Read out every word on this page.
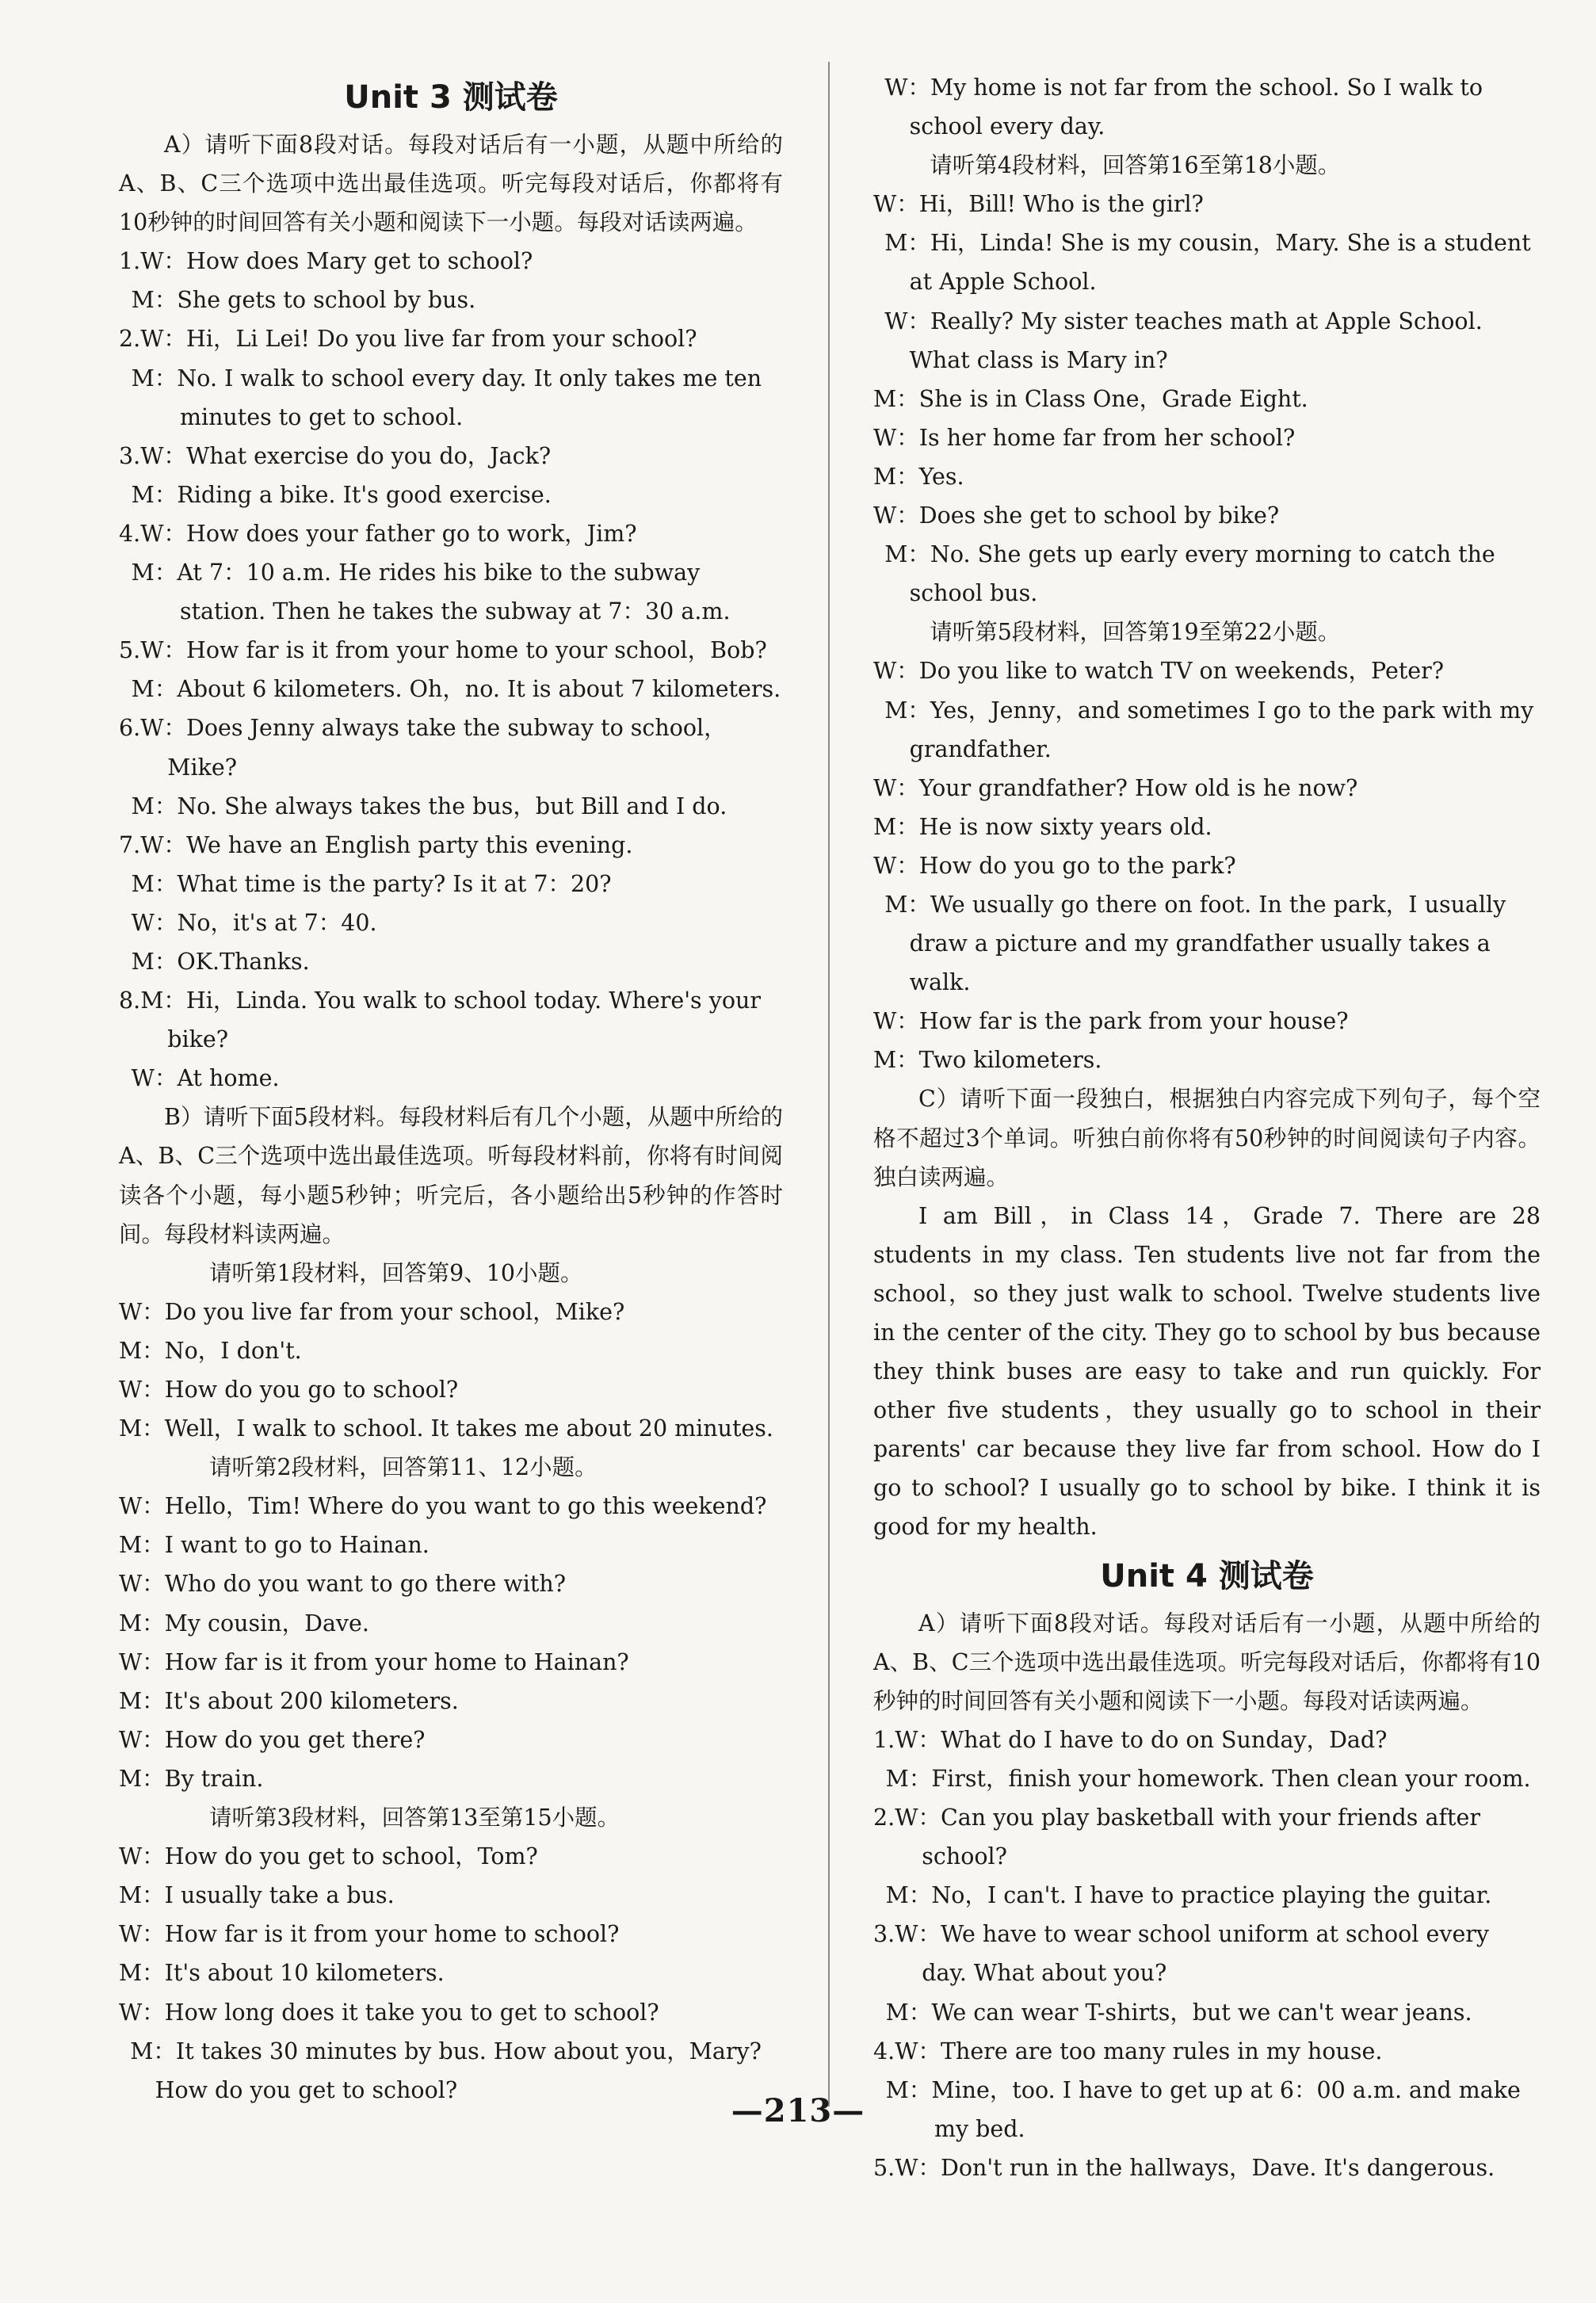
Unit 3 测试卷

A）请听下面8段对话。每段对话后有一小题，从题中所给的A、B、C三个选项中选出最佳选项。听完每段对话后，你都将有10秒钟的时间回答有关小题和阅读下一小题。每段对话读两遍。

1.W：How does Mary get to school?

M：She gets to school by bus.

2.W：Hi，Li Lei! Do you live far from your school?

M：No. I walk to school every day. It only takes me ten minutes to get to school.

3.W：What exercise do you do，Jack?

M：Riding a bike. It's good exercise.

4.W：How does your father go to work，Jim?

M：At 7：10 a.m. He rides his bike to the subway station. Then he takes the subway at 7：30 a.m.

5.W：How far is it from your home to your school，Bob?

M：About 6 kilometers. Oh，no. It is about 7 kilometers.

6.W：Does Jenny always take the subway to school，Mike?

M：No. She always takes the bus，but Bill and I do.

7.W：We have an English party this evening.

M：What time is the party? Is it at 7：20?

W：No，it's at 7：40.

M：OK.Thanks.

8.M：Hi，Linda. You walk to school today. Where's your bike?

W：At home.

B）请听下面5段材料。每段材料后有几个小题，从题中所给的A、B、C三个选项中选出最佳选项。听每段材料前，你将有时间阅读各个小题，每小题5秒钟；听完后，各小题给出5秒钟的作答时间。每段材料读两遍。

请听第1段材料，回答第9、10小题。

W：Do you live far from your school，Mike?

M：No，I don't.

W：How do you go to school?

M：Well，I walk to school. It takes me about 20 minutes.

请听第2段材料，回答第11、12小题。

W：Hello，Tim! Where do you want to go this weekend?

M：I want to go to Hainan.

W：Who do you want to go there with?

M：My cousin，Dave.

W：How far is it from your home to Hainan?

M：It's about 200 kilometers.

W：How do you get there?

M：By train.

请听第3段材料，回答第13至第15小题。

W：How do you get to school，Tom?

M：I usually take a bus.

W：How far is it from your home to school?

M：It's about 10 kilometers.

W：How long does it take you to get to school?

M：It takes 30 minutes by bus. How about you，Mary? How do you get to school?

W：My home is not far from the school. So I walk to school every day.

请听第4段材料，回答第16至第18小题。

W：Hi，Bill! Who is the girl?

M：Hi，Linda! She is my cousin，Mary. She is a student at Apple School.

W：Really? My sister teaches math at Apple School. What class is Mary in?

M：She is in Class One，Grade Eight.

W：Is her home far from her school?

M：Yes.

W：Does she get to school by bike?

M：No. She gets up early every morning to catch the school bus.

请听第5段材料，回答第19至第22小题。

W：Do you like to watch TV on weekends，Peter?

M：Yes，Jenny，and sometimes I go to the park with my grandfather.

W：Your grandfather? How old is he now?

M：He is now sixty years old.

W：How do you go to the park?

M：We usually go there on foot. In the park，I usually draw a picture and my grandfather usually takes a walk.

W：How far is the park from your house?

M：Two kilometers.

C）请听下面一段独白，根据独白内容完成下列句子，每个空格不超过3个单词。听独白前你将有50秒钟的时间阅读句子内容。独白读两遍。

I am Bill，in Class 14，Grade 7. There are 28 students in my class. Ten students live not far from the school，so they just walk to school. Twelve students live in the center of the city. They go to school by bus because they think buses are easy to take and run quickly. For other five students，they usually go to school in their parents' car because they live far from school. How do I go to school? I usually go to school by bike. I think it is good for my health.

Unit 4 测试卷

A）请听下面8段对话。每段对话后有一小题，从题中所给的A、B、C三个选项中选出最佳选项。听完每段对话后，你都将有10秒钟的时间回答有关小题和阅读下一小题。每段对话读两遍。

1.W：What do I have to do on Sunday，Dad?

M：First，finish your homework. Then clean your room.

2.W：Can you play basketball with your friends after school?

M：No，I can't. I have to practice playing the guitar.

3.W：We have to wear school uniform at school every day. What about you?

M：We can wear T-shirts，but we can't wear jeans.

4.W：There are too many rules in my house.

M：Mine，too. I have to get up at 6：00 a.m. and make my bed.

5.W：Don't run in the hallways，Dave. It's dangerous.

—213—
